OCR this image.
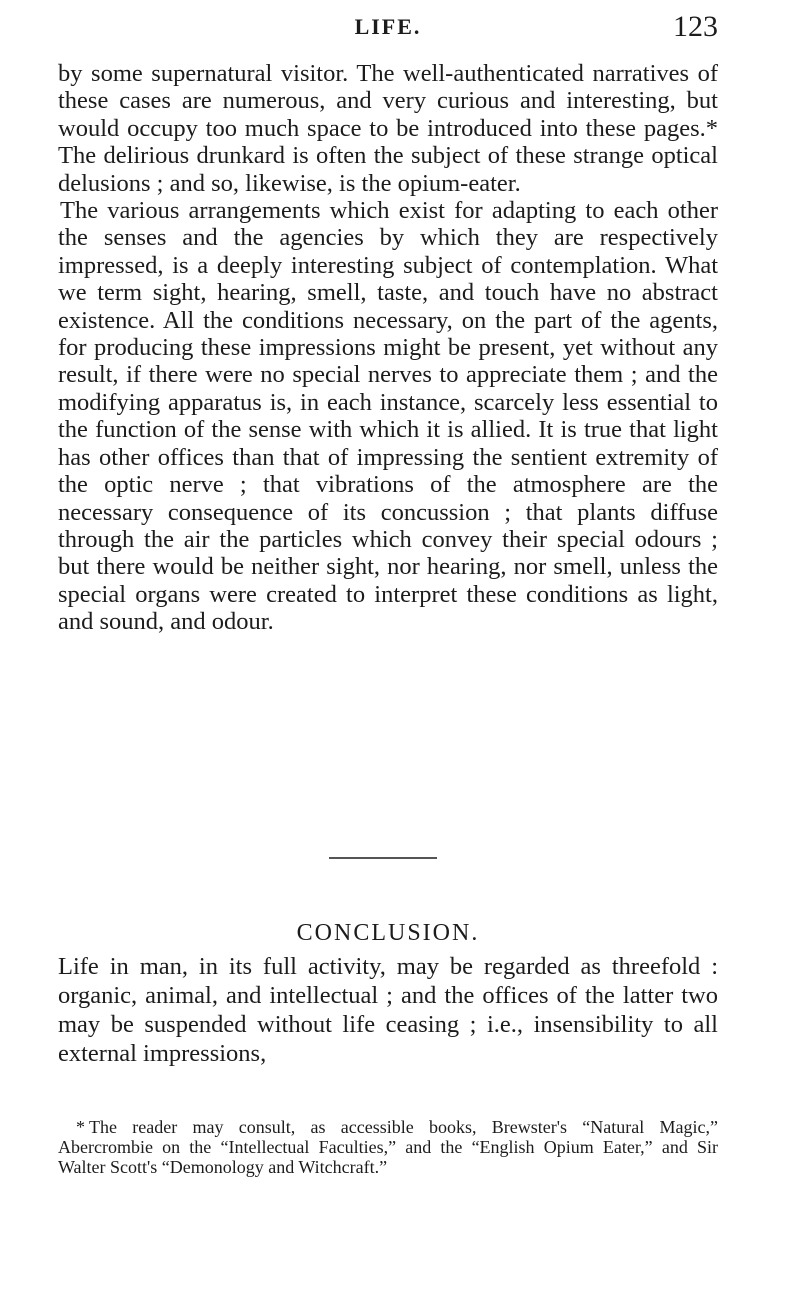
LIFE.	123

by some supernatural visitor. The well-authenticated narratives of these cases are numerous, and very curious and interesting, but would occupy too much space to be introduced into these pages.* The delirious drunkard is often the subject of these strange optical delusions ; and so, likewise, is the opium-eater.

The various arrangements which exist for adapting to each other the senses and the agencies by which they are respectively impressed, is a deeply interesting subject of contemplation. What we term sight, hearing, smell, taste, and touch have no abstract existence. All the conditions necessary, on the part of the agents, for producing these impressions might be present, yet without any result, if there were no special nerves to appreciate them ; and the modifying apparatus is, in each instance, scarcely less essential to the function of the sense with which it is allied. It is true that light has other offices than that of impressing the sentient extremity of the optic nerve ; that vibrations of the atmosphere are the necessary consequence of its concussion ; that plants diffuse through the air the particles which convey their special odours ; but there would be neither sight, nor hearing, nor smell, unless the special organs were created to interpret these conditions as light, and sound, and odour.

CONCLUSION.

Life in man, in its full activity, may be regarded as threefold : organic, animal, and intellectual ; and the offices of the latter two may be suspended without life ceasing ; i.e., insensibility to all external impressions,

* The reader may consult, as accessible books, Brewster's “Natural Magic,” Abercrombie on the “Intellectual Faculties,” and the “English Opium Eater,” and Sir Walter Scott's “Demonology and Witchcraft.”
